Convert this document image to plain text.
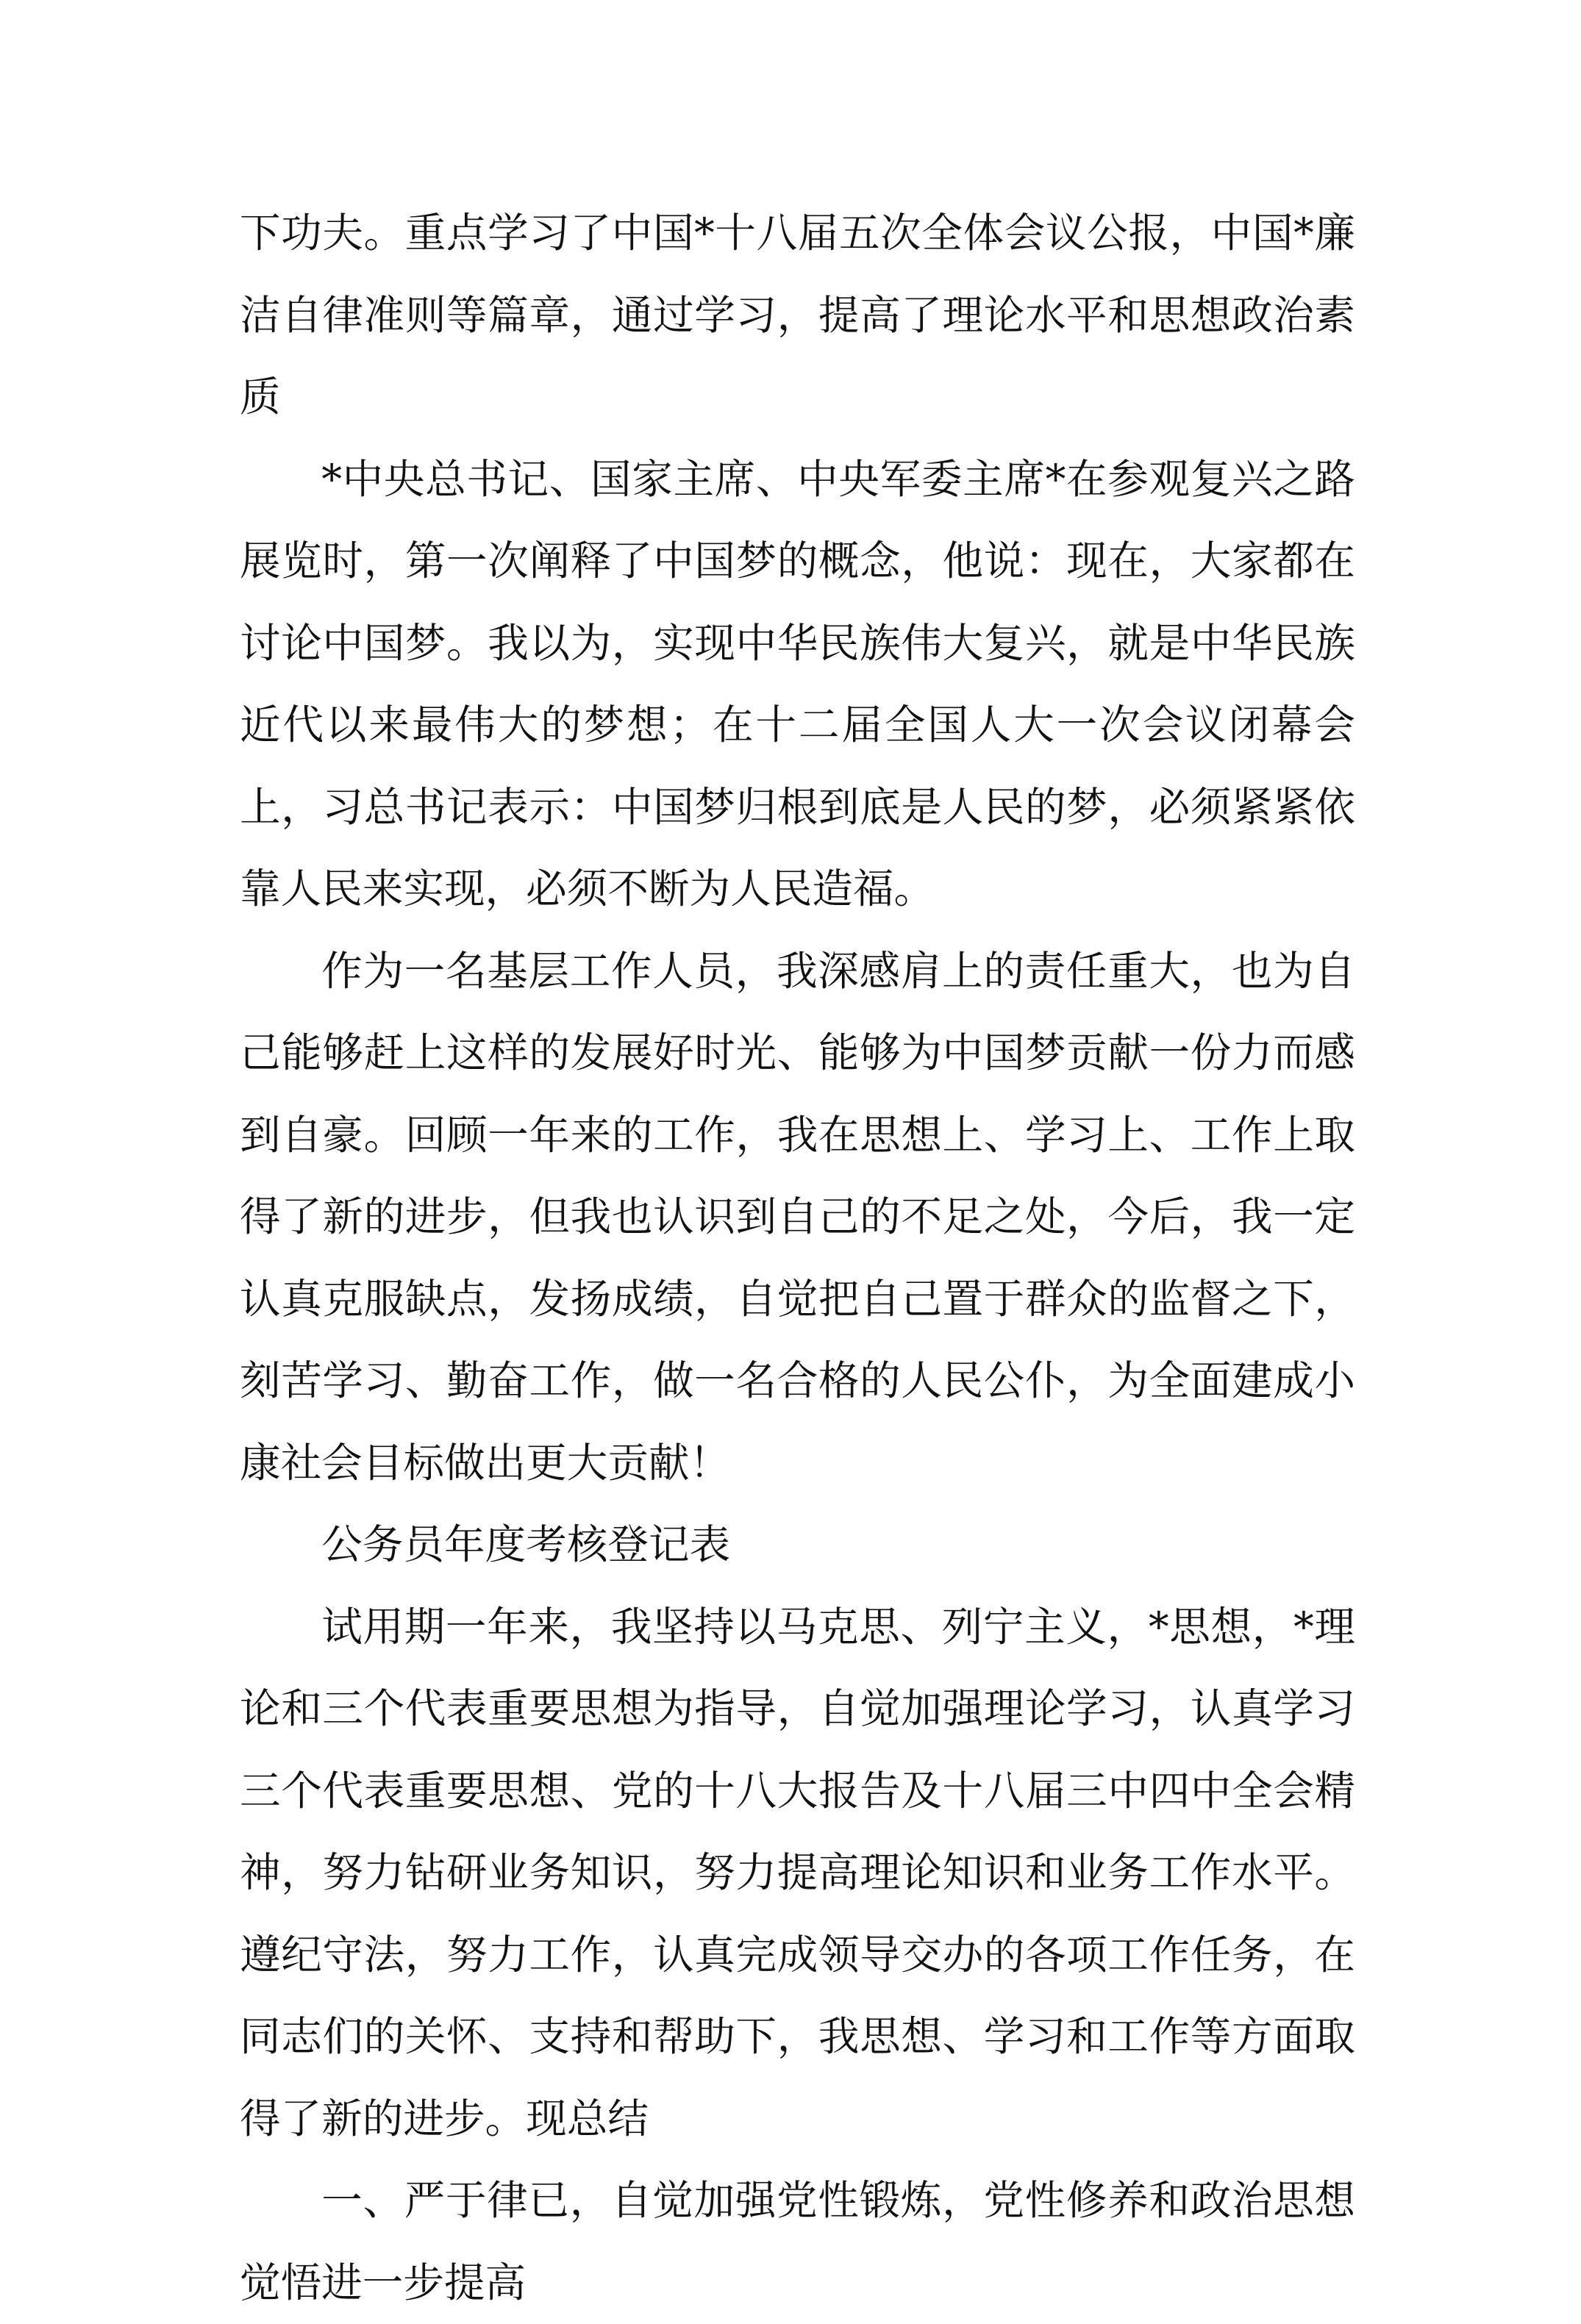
下功夫。重点学习了中国*十八届五次全体会议公报，中国*廉洁自律准则等篇章，通过学习，提高了理论水平和思想政治素质

*中央总书记、国家主席、中央军委主席*在参观复兴之路展览时，第一次阐释了中国梦的概念，他说：现在，大家都在讨论中国梦。我以为，实现中华民族伟大复兴，就是中华民族近代以来最伟大的梦想；在十二届全国人大一次会议闭幕会上，习总书记表示：中国梦归根到底是人民的梦，必须紧紧依靠人民来实现，必须不断为人民造福。

作为一名基层工作人员，我深感肩上的责任重大，也为自己能够赶上这样的发展好时光、能够为中国梦贡献一份力而感到自豪。回顾一年来的工作，我在思想上、学习上、工作上取得了新的进步，但我也认识到自己的不足之处，今后，我一定认真克服缺点，发扬成绩，自觉把自己置于群众的监督之下，刻苦学习、勤奋工作，做一名合格的人民公仆，为全面建成小康社会目标做出更大贡献！

公务员年度考核登记表

试用期一年来，我坚持以马克思、列宁主义，*思想，*理论和三个代表重要思想为指导，自觉加强理论学习，认真学习三个代表重要思想、党的十八大报告及十八届三中四中全会精神，努力钻研业务知识，努力提高理论知识和业务工作水平。遵纪守法，努力工作，认真完成领导交办的各项工作任务，在同志们的关怀、支持和帮助下，我思想、学习和工作等方面取得了新的进步。现总结

一、严于律已，自觉加强党性锻炼，党性修养和政治思想觉悟进一步提高
